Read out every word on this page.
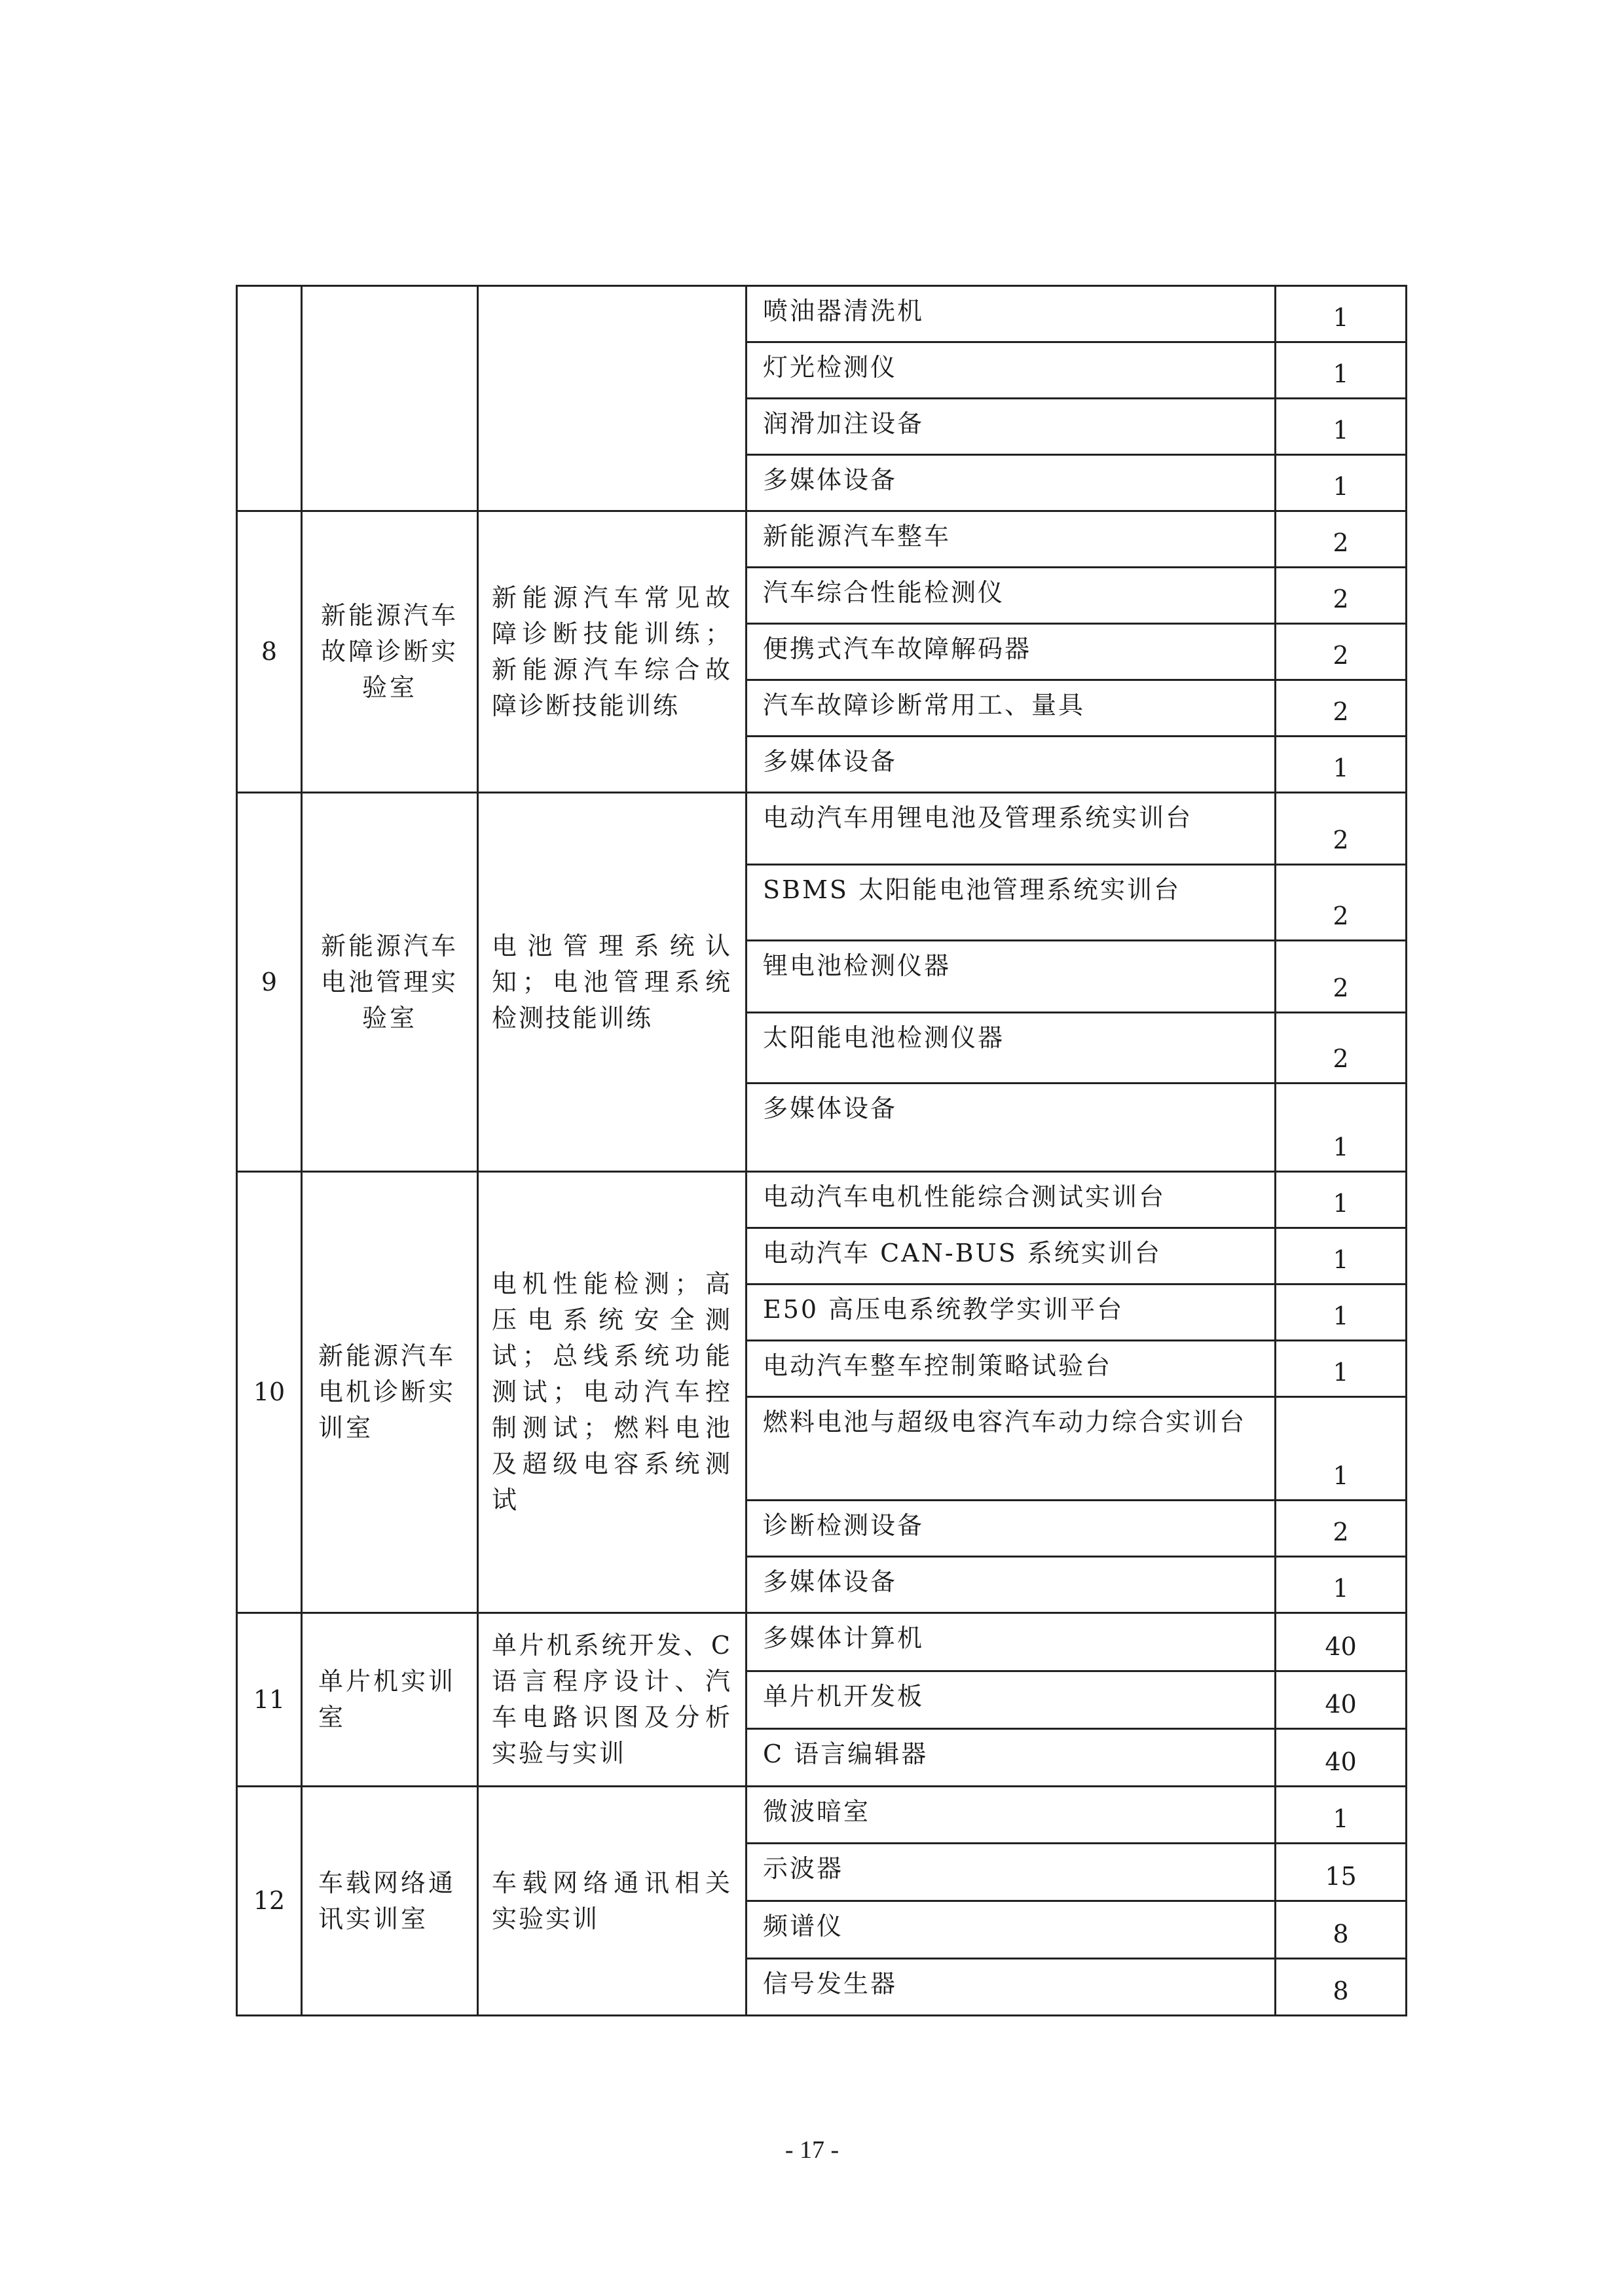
			喷油器清洗机	1
			灯光检测仪	1
			润滑加注设备	1
			多媒体设备	1
8	新能源汽车故障诊断实验室	新能源汽车常见故障诊断技能训练；新能源汽车综合故障诊断技能训练	新能源汽车整车	2
			汽车综合性能检测仪	2
			便携式汽车故障解码器	2
			汽车故障诊断常用工、量具	2
			多媒体设备	1
9	新能源汽车电池管理实验室	电池管理系统认知；电池管理系统检测技能训练	电动汽车用锂电池及管理系统实训台	2
			SBMS 太阳能电池管理系统实训台	2
			锂电池检测仪器	2
			太阳能电池检测仪器	2
			多媒体设备	1
10	新能源汽车电机诊断实训室	电机性能检测；高压电系统安全测试；总线系统功能测试；电动汽车控制测试；燃料电池及超级电容系统测试	电动汽车电机性能综合测试实训台	1
			电动汽车 CAN-BUS 系统实训台	1
			E50 高压电系统教学实训平台	1
			电动汽车整车控制策略试验台	1
			燃料电池与超级电容汽车动力综合实训台	1
			诊断检测设备	2
			多媒体设备	1
11	单片机实训室	单片机系统开发、C语言程序设计、汽车电路识图及分析实验与实训	多媒体计算机	40
			单片机开发板	40
			C 语言编辑器	40
12	车载网络通讯实训室	车载网络通讯相关实验实训	微波暗室	1
			示波器	15
			频谱仪	8
			信号发生器	8
- 17 -
